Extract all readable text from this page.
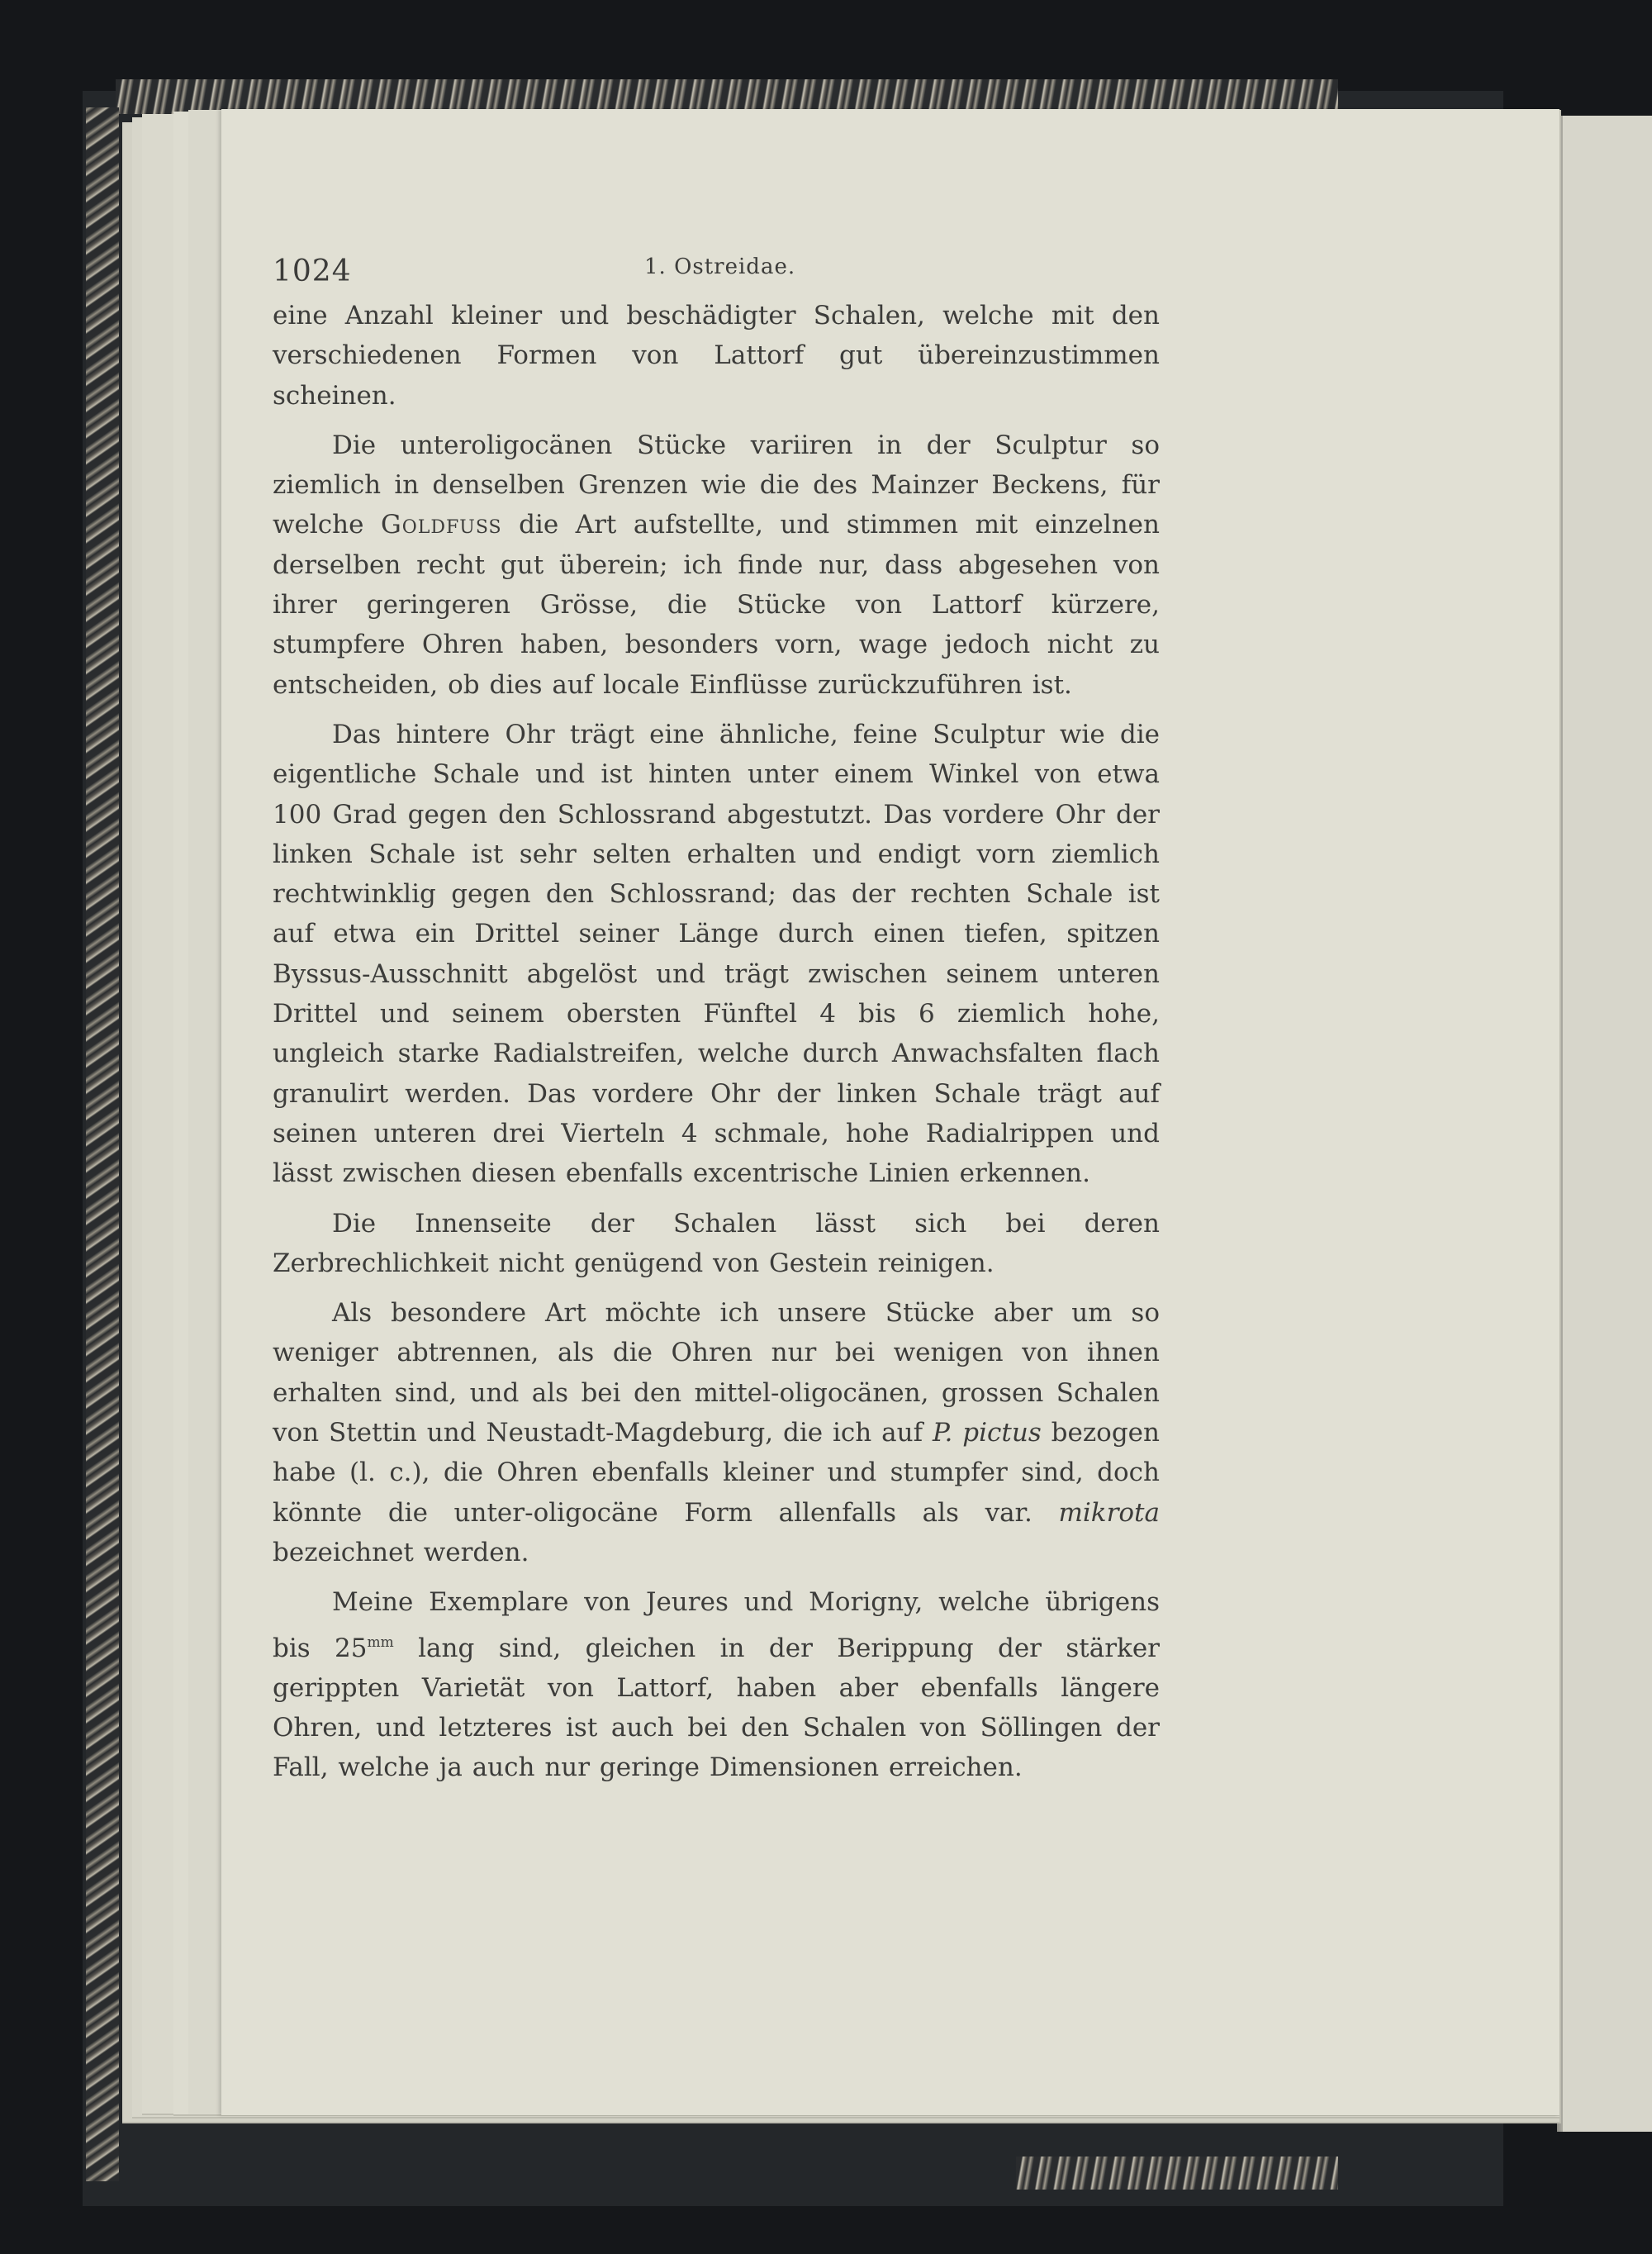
1024	1. Ostreidae.

eine Anzahl kleiner und beschädigter Schalen, welche mit den verschiedenen Formen von Lattorf gut übereinzustimmen scheinen.

Die unteroligocänen Stücke variiren in der Sculptur so ziemlich in denselben Grenzen wie die des Mainzer Beckens, für welche Goldfuss die Art aufstellte, und stimmen mit einzelnen derselben recht gut überein; ich finde nur, dass abgesehen von ihrer geringeren Grösse, die Stücke von Lattorf kürzere, stumpfere Ohren haben, besonders vorn, wage jedoch nicht zu entscheiden, ob dies auf locale Einflüsse zurückzuführen ist.

Das hintere Ohr trägt eine ähnliche, feine Sculptur wie die eigentliche Schale und ist hinten unter einem Winkel von etwa 100 Grad gegen den Schlossrand abgestutzt. Das vordere Ohr der linken Schale ist sehr selten erhalten und endigt vorn ziemlich rechtwinklig gegen den Schlossrand; das der rechten Schale ist auf etwa ein Drittel seiner Länge durch einen tiefen, spitzen Byssus-Ausschnitt abgelöst und trägt zwischen seinem unteren Drittel und seinem obersten Fünftel 4 bis 6 ziemlich hohe, ungleich starke Radialstreifen, welche durch Anwachsfalten flach granulirt werden. Das vordere Ohr der linken Schale trägt auf seinen unteren drei Vierteln 4 schmale, hohe Radialrippen und lässt zwischen diesen ebenfalls excentrische Linien erkennen.

Die Innenseite der Schalen lässt sich bei deren Zerbrechlichkeit nicht genügend von Gestein reinigen.

Als besondere Art möchte ich unsere Stücke aber um so weniger abtrennen, als die Ohren nur bei wenigen von ihnen erhalten sind, und als bei den mittel-oligocänen, grossen Schalen von Stettin und Neustadt-Magdeburg, die ich auf P. pictus bezogen habe (l. c.), die Ohren ebenfalls kleiner und stumpfer sind, doch könnte die unter-oligocäne Form allenfalls als var. mikrota bezeichnet werden.

Meine Exemplare von Jeures und Morigny, welche übrigens bis $25^{mm}$ lang sind, gleichen in der Berippung der stärker gerippten Varietät von Lattorf, haben aber ebenfalls längere Ohren, und letzteres ist auch bei den Schalen von Söllingen der Fall, welche ja auch nur geringe Dimensionen erreichen.
